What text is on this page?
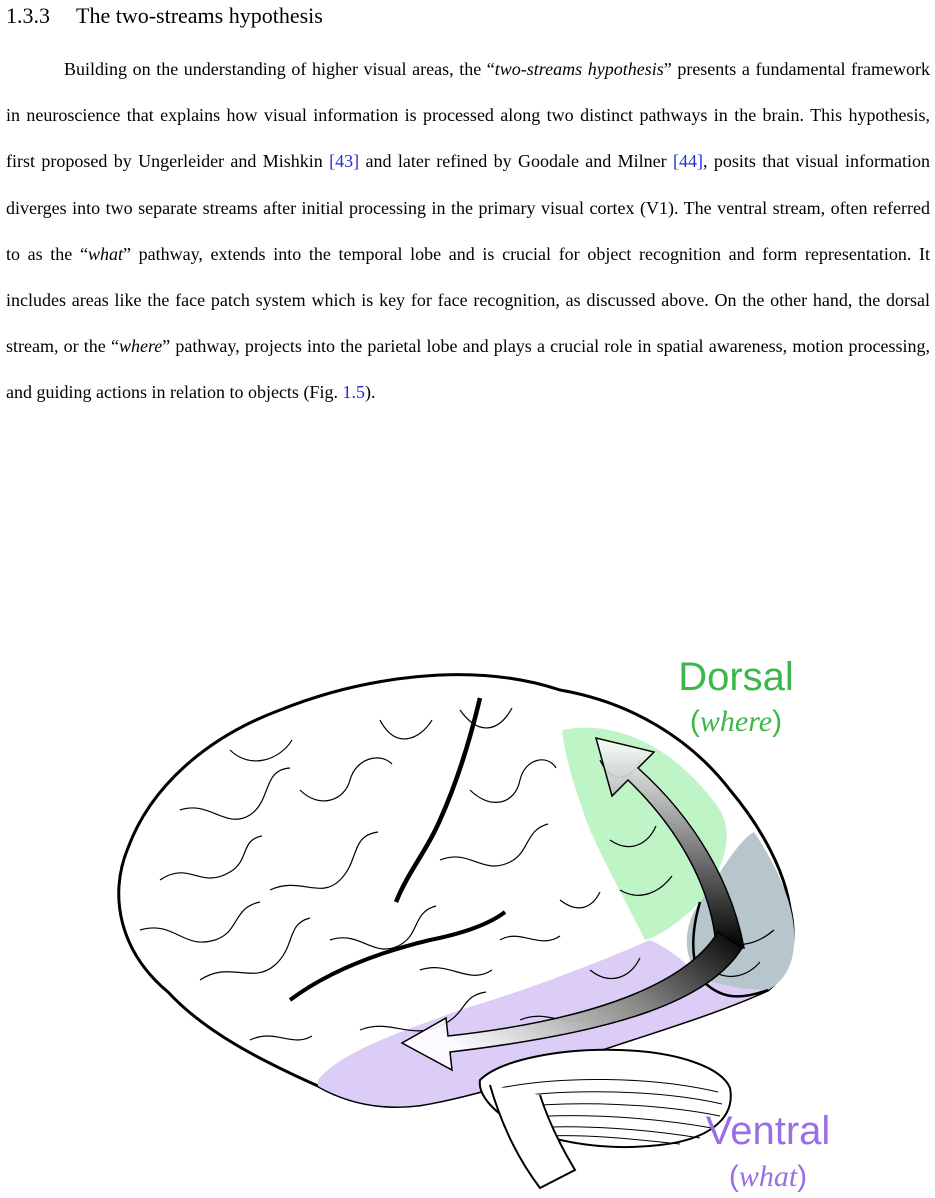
1.3.3 The two-streams hypothesis

Building on the understanding of higher visual areas, the “two-streams hypothesis” presents a fundamental framework in neuroscience that explains how visual information is processed along two distinct pathways in the brain. This hypothesis, first proposed by Ungerleider and Mishkin [43] and later refined by Goodale and Milner [44], posits that visual information diverges into two separate streams after initial processing in the primary visual cortex (V1). The ventral stream, often referred to as the “what” pathway, extends into the temporal lobe and is crucial for object recognition and form representation. It includes areas like the face patch system which is key for face recognition, as discussed above. On the other hand, the dorsal stream, or the “where” pathway, projects into the parietal lobe and plays a crucial role in spatial awareness, motion processing, and guiding actions in relation to objects (Fig. 1.5).

Dorsal
(where)
Ventral
(what)
